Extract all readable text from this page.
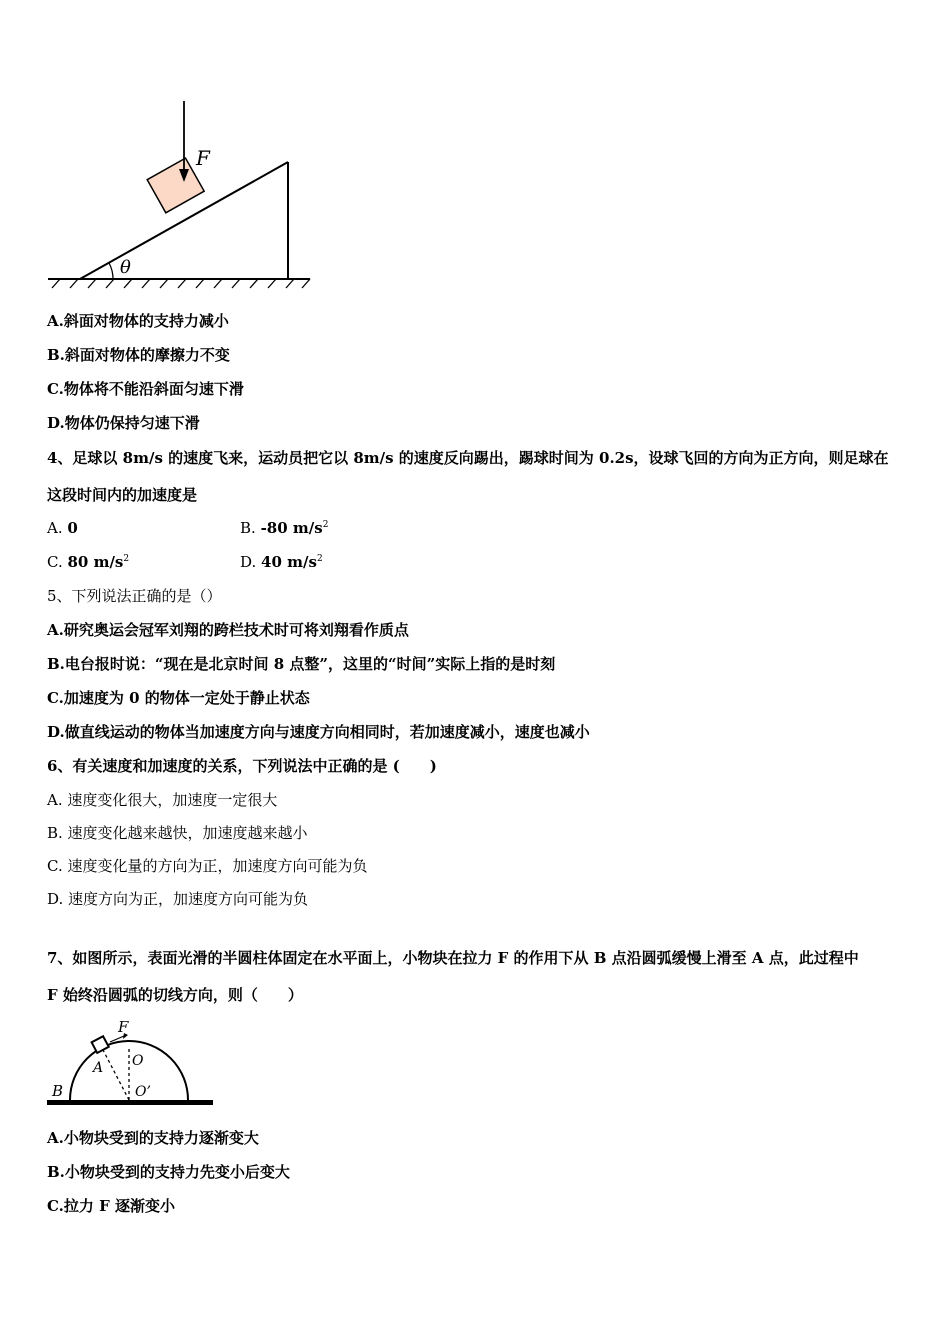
θ
F
A.斜面对物体的支持力减小
B.斜面对物体的摩擦力不变
C.物体将不能沿斜面匀速下滑
D.物体仍保持匀速下滑
4、足球以 8m/s 的速度飞来，运动员把它以 8m/s 的速度反向踢出，踢球时间为 0.2s，设球飞回的方向为正方向，则足球在
这段时间内的加速度是
A. 0	B. -80 $m/s^2$
C. 80 $m/s^2$	D. 40 $m/s^2$
5、下列说法正确的是（）
A.研究奥运会冠军刘翔的跨栏技术时可将刘翔看作质点
B.电台报时说：“现在是北京时间 8 点整”，这里的“时间”实际上指的是时刻
C.加速度为 0 的物体一定处于静止状态
D.做直线运动的物体当加速度方向与速度方向相同时，若加速度减小，速度也减小
6、有关速度和加速度的关系，下列说法中正确的是 (　　)
A. 速度变化很大，加速度一定很大
B. 速度变化越来越快，加速度越来越小
C. 速度变化量的方向为正，加速度方向可能为负
D. 速度方向为正，加速度方向可能为负
7、如图所示，表面光滑的半圆柱体固定在水平面上，小物块在拉力 F 的作用下从 B 点沿圆弧缓慢上滑至 A 点，此过程中
F 始终沿圆弧的切线方向，则（　　）
F
O
A
B	O’
A.小物块受到的支持力逐渐变大
B.小物块受到的支持力先变小后变大
C.拉力 F 逐渐变小
